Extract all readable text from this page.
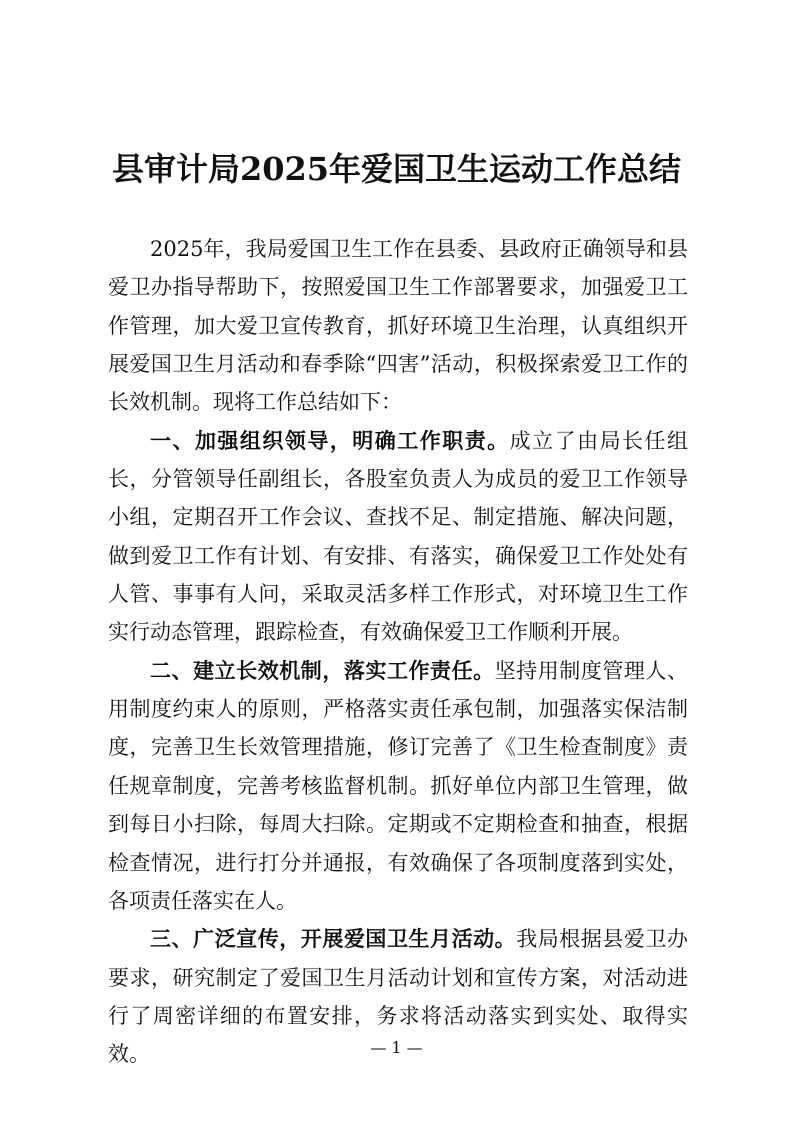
县审计局2025年爱国卫生运动工作总结

2025年，我局爱国卫生工作在县委、县政府正确领导和县爱卫办指导帮助下，按照爱国卫生工作部署要求，加强爱卫工作管理，加大爱卫宣传教育，抓好环境卫生治理，认真组织开展爱国卫生月活动和春季除“四害”活动，积极探索爱卫工作的长效机制。现将工作总结如下：

一、加强组织领导，明确工作职责。成立了由局长任组长，分管领导任副组长，各股室负责人为成员的爱卫工作领导小组，定期召开工作会议、查找不足、制定措施、解决问题，做到爱卫工作有计划、有安排、有落实，确保爱卫工作处处有人管、事事有人问，采取灵活多样工作形式，对环境卫生工作实行动态管理，跟踪检查，有效确保爱卫工作顺利开展。

二、建立长效机制，落实工作责任。坚持用制度管理人、用制度约束人的原则，严格落实责任承包制，加强落实保洁制度，完善卫生长效管理措施，修订完善了《卫生检查制度》责任规章制度，完善考核监督机制。抓好单位内部卫生管理，做到每日小扫除，每周大扫除。定期或不定期检查和抽查，根据检查情况，进行打分并通报，有效确保了各项制度落到实处，各项责任落实在人。

三、广泛宣传，开展爱国卫生月活动。我局根据县爱卫办要求，研究制定了爱国卫生月活动计划和宣传方案，对活动进行了周密详细的布置安排，务求将活动落实到实处、取得实效。	— 1 —
